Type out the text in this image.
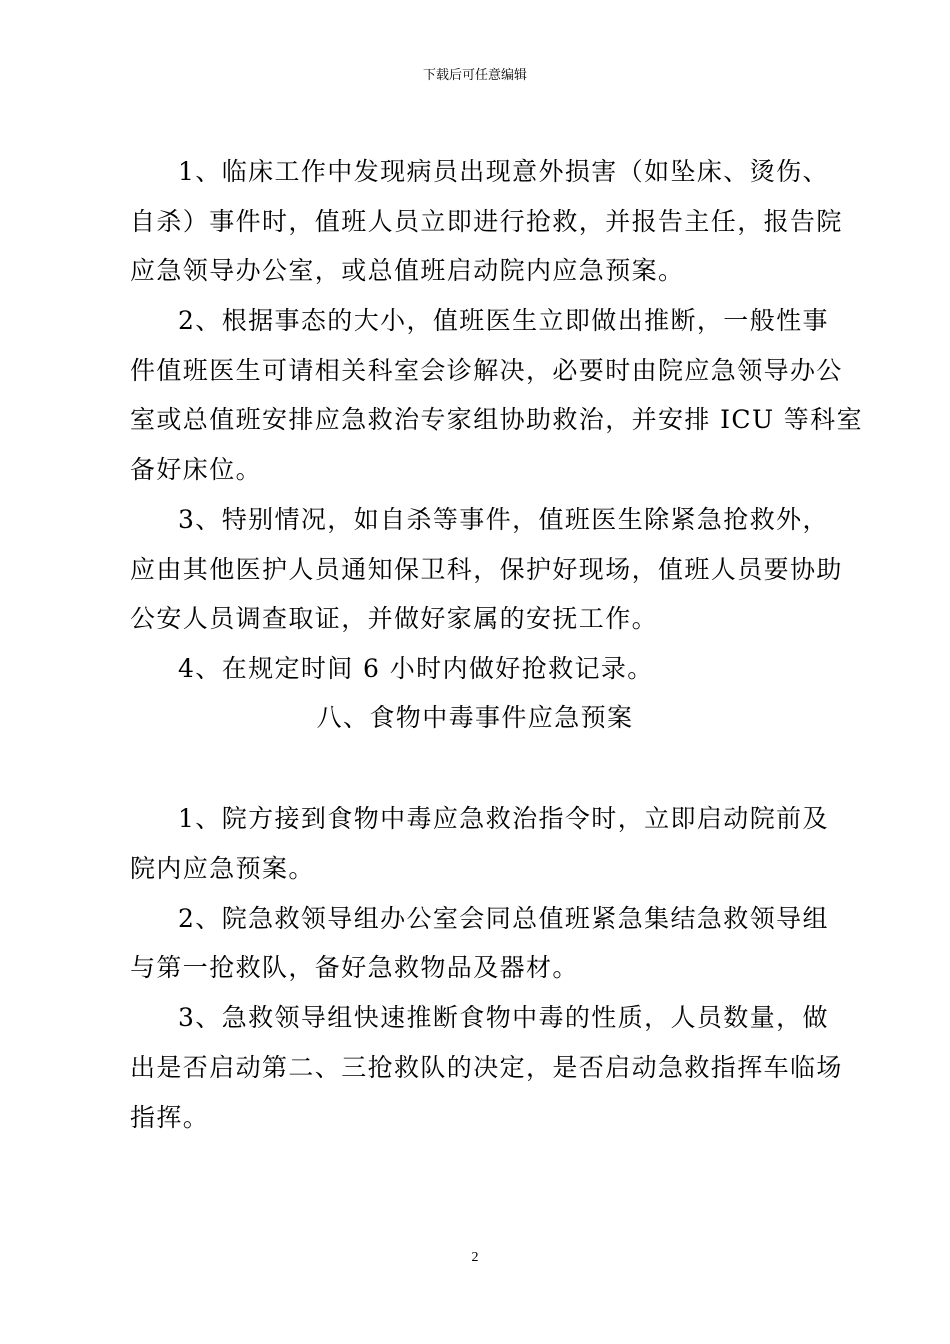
下载后可任意编辑
1、临床工作中发现病员出现意外损害（如坠床、烫伤、
自杀）事件时，值班人员立即进行抢救，并报告主任，报告院
应急领导办公室，或总值班启动院内应急预案。
2、根据事态的大小，值班医生立即做出推断，一般性事
件值班医生可请相关科室会诊解决，必要时由院应急领导办公
室或总值班安排应急救治专家组协助救治，并安排 ICU 等科室
备好床位。
3、特别情况，如自杀等事件，值班医生除紧急抢救外，
应由其他医护人员通知保卫科，保护好现场，值班人员要协助
公安人员调查取证，并做好家属的安抚工作。
4、在规定时间 6 小时内做好抢救记录。
八、食物中毒事件应急预案
1、院方接到食物中毒应急救治指令时，立即启动院前及
院内应急预案。
2、院急救领导组办公室会同总值班紧急集结急救领导组
与第一抢救队，备好急救物品及器材。
3、急救领导组快速推断食物中毒的性质，人员数量，做
出是否启动第二、三抢救队的决定，是否启动急救指挥车临场
指挥。
2
